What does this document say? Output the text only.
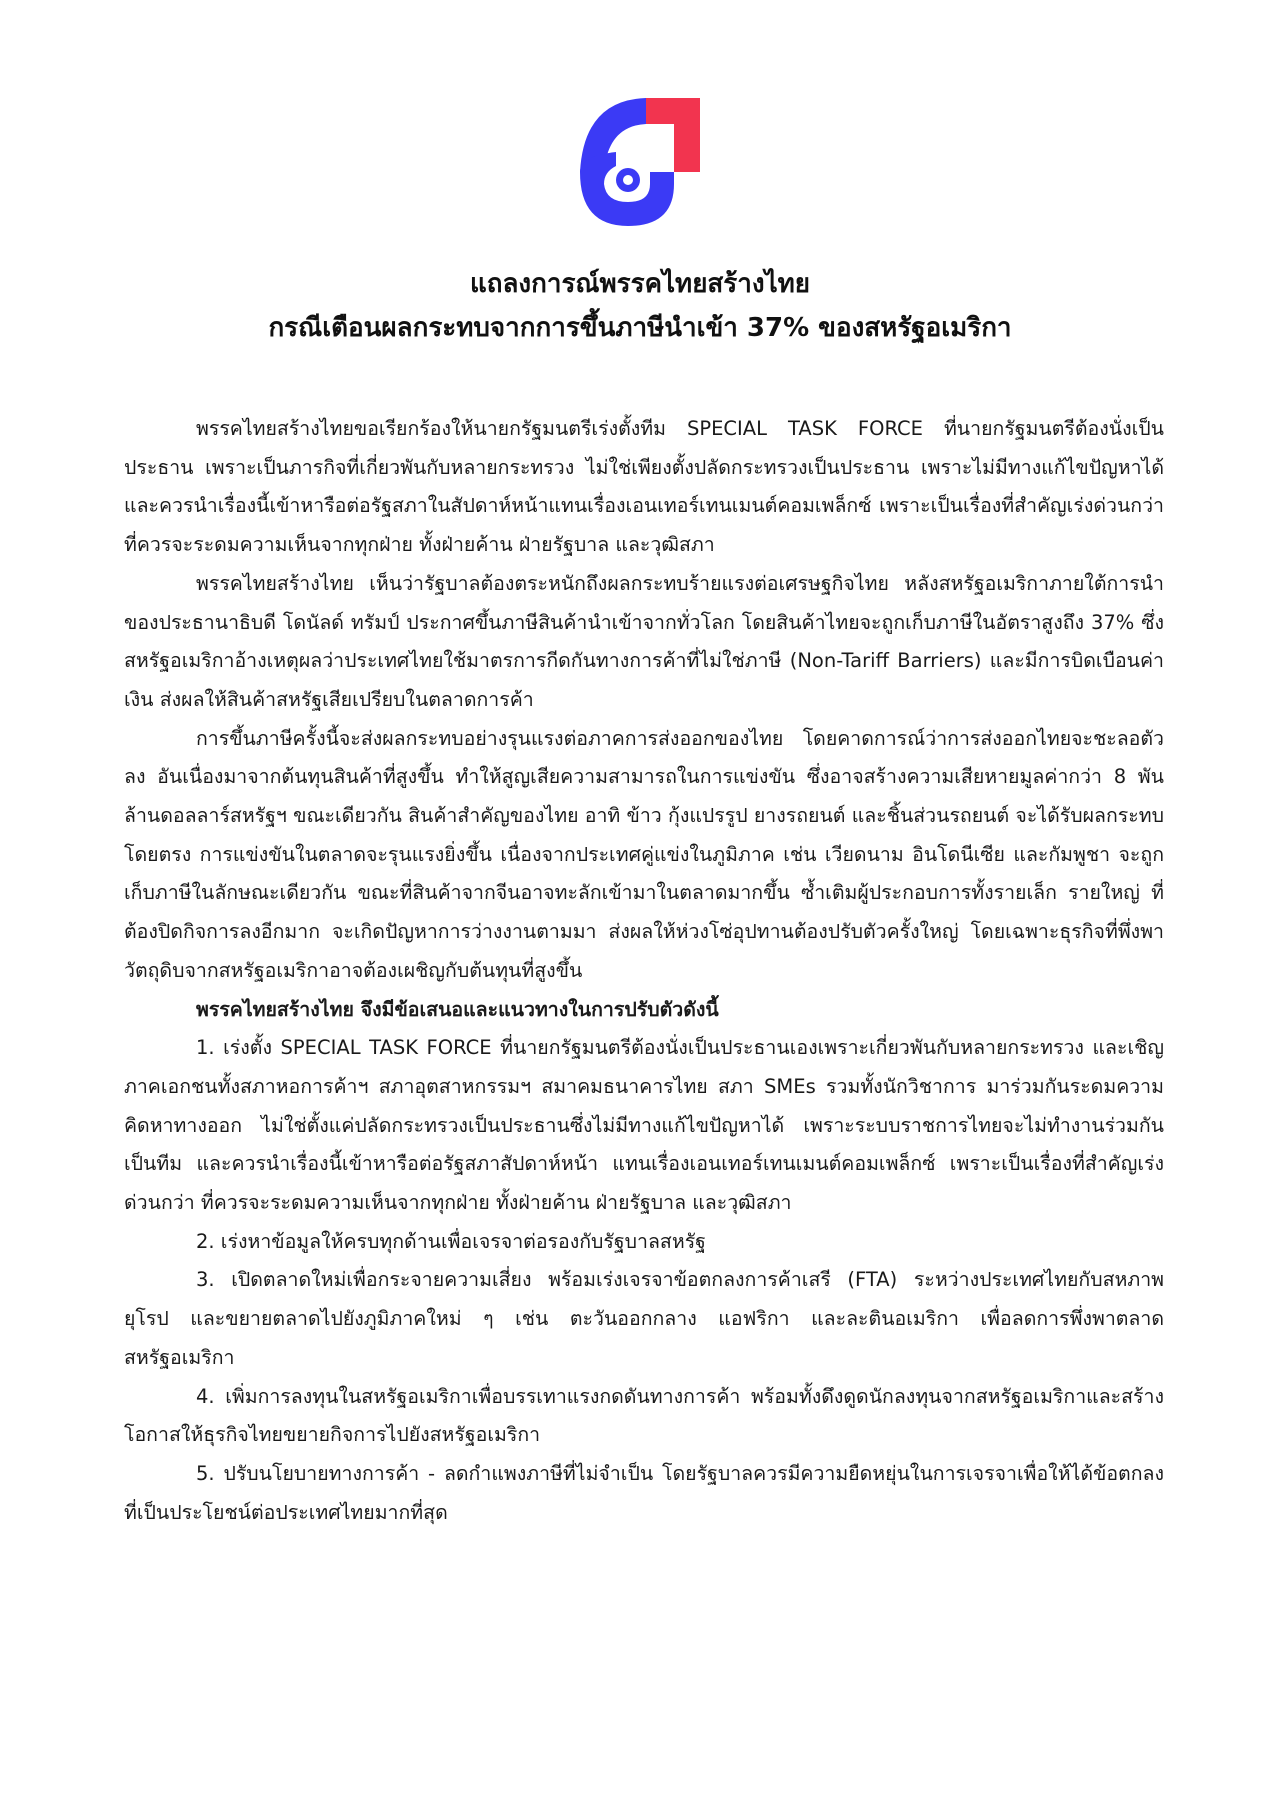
แถลงการณ์พรรคไทยสร้างไทย
กรณีเตือนผลกระทบจากการขึ้นภาษีนำเข้า 37% ของสหรัฐอเมริกา

พรรคไทยสร้างไทยขอเรียกร้องให้นายกรัฐมนตรีเร่งตั้งทีม SPECIAL TASK FORCE ที่นายกรัฐมนตรีต้องนั่งเป็นประธาน เพราะเป็นภารกิจที่เกี่ยวพันกับหลายกระทรวง ไม่ใช่เพียงตั้งปลัดกระทรวงเป็นประธาน เพราะไม่มีทางแก้ไขปัญหาได้ และควรนำเรื่องนี้เข้าหารือต่อรัฐสภาในสัปดาห์หน้าแทนเรื่องเอนเทอร์เทนเมนต์คอมเพล็กซ์ เพราะเป็นเรื่องที่สำคัญเร่งด่วนกว่าที่ควรจะระดมความเห็นจากทุกฝ่าย ทั้งฝ่ายค้าน ฝ่ายรัฐบาล และวุฒิสภา

พรรคไทยสร้างไทย เห็นว่ารัฐบาลต้องตระหนักถึงผลกระทบร้ายแรงต่อเศรษฐกิจไทย หลังสหรัฐอเมริกาภายใต้การนำของประธานาธิบดี โดนัลด์ ทรัมป์ ประกาศขึ้นภาษีสินค้านำเข้าจากทั่วโลก โดยสินค้าไทยจะถูกเก็บภาษีในอัตราสูงถึง 37% ซึ่งสหรัฐอเมริกาอ้างเหตุผลว่าประเทศไทยใช้มาตรการกีดกันทางการค้าที่ไม่ใช่ภาษี (Non-Tariff Barriers) และมีการบิดเบือนค่าเงิน ส่งผลให้สินค้าสหรัฐเสียเปรียบในตลาดการค้า

การขึ้นภาษีครั้งนี้จะส่งผลกระทบอย่างรุนแรงต่อภาคการส่งออกของไทย โดยคาดการณ์ว่าการส่งออกไทยจะชะลอตัวลง อันเนื่องมาจากต้นทุนสินค้าที่สูงขึ้น ทำให้สูญเสียความสามารถในการแข่งขัน ซึ่งอาจสร้างความเสียหายมูลค่ากว่า 8 พันล้านดอลลาร์สหรัฐฯ ขณะเดียวกัน สินค้าสำคัญของไทย อาทิ ข้าว กุ้งแปรรูป ยางรถยนต์ และชิ้นส่วนรถยนต์ จะได้รับผลกระทบโดยตรง การแข่งขันในตลาดจะรุนแรงยิ่งขึ้น เนื่องจากประเทศคู่แข่งในภูมิภาค เช่น เวียดนาม อินโดนีเซีย และกัมพูชา จะถูกเก็บภาษีในลักษณะเดียวกัน ขณะที่สินค้าจากจีนอาจทะลักเข้ามาในตลาดมากขึ้น ซ้ำเติมผู้ประกอบการทั้งรายเล็ก รายใหญ่ ที่ต้องปิดกิจการลงอีกมาก จะเกิดปัญหาการว่างงานตามมา ส่งผลให้ห่วงโซ่อุปทานต้องปรับตัวครั้งใหญ่ โดยเฉพาะธุรกิจที่พึ่งพาวัตถุดิบจากสหรัฐอเมริกาอาจต้องเผชิญกับต้นทุนที่สูงขึ้น

พรรคไทยสร้างไทย จึงมีข้อเสนอและแนวทางในการปรับตัวดังนี้

1. เร่งตั้ง SPECIAL TASK FORCE ที่นายกรัฐมนตรีต้องนั่งเป็นประธานเองเพราะเกี่ยวพันกับหลายกระทรวง และเชิญภาคเอกชนทั้งสภาหอการค้าฯ สภาอุตสาหกรรมฯ สมาคมธนาคารไทย สภา SMEs รวมทั้งนักวิชาการ มาร่วมกันระดมความคิดหาทางออก ไม่ใช่ตั้งแค่ปลัดกระทรวงเป็นประธานซึ่งไม่มีทางแก้ไขปัญหาได้ เพราะระบบราชการไทยจะไม่ทำงานร่วมกันเป็นทีม และควรนำเรื่องนี้เข้าหารือต่อรัฐสภาสัปดาห์หน้า แทนเรื่องเอนเทอร์เทนเมนต์คอมเพล็กซ์ เพราะเป็นเรื่องที่สำคัญเร่งด่วนกว่า ที่ควรจะระดมความเห็นจากทุกฝ่าย ทั้งฝ่ายค้าน ฝ่ายรัฐบาล และวุฒิสภา

2. เร่งหาข้อมูลให้ครบทุกด้านเพื่อเจรจาต่อรองกับรัฐบาลสหรัฐ

3. เปิดตลาดใหม่เพื่อกระจายความเสี่ยง พร้อมเร่งเจรจาข้อตกลงการค้าเสรี (FTA) ระหว่างประเทศไทยกับสหภาพยุโรป และขยายตลาดไปยังภูมิภาคใหม่ ๆ เช่น ตะวันออกกลาง แอฟริกา และละตินอเมริกา เพื่อลดการพึ่งพาตลาดสหรัฐอเมริกา

4. เพิ่มการลงทุนในสหรัฐอเมริกาเพื่อบรรเทาแรงกดดันทางการค้า พร้อมทั้งดึงดูดนักลงทุนจากสหรัฐอเมริกาและสร้างโอกาสให้ธุรกิจไทยขยายกิจการไปยังสหรัฐอเมริกา

5. ปรับนโยบายทางการค้า - ลดกำแพงภาษีที่ไม่จำเป็น โดยรัฐบาลควรมีความยืดหยุ่นในการเจรจาเพื่อให้ได้ข้อตกลงที่เป็นประโยชน์ต่อประเทศไทยมากที่สุด
